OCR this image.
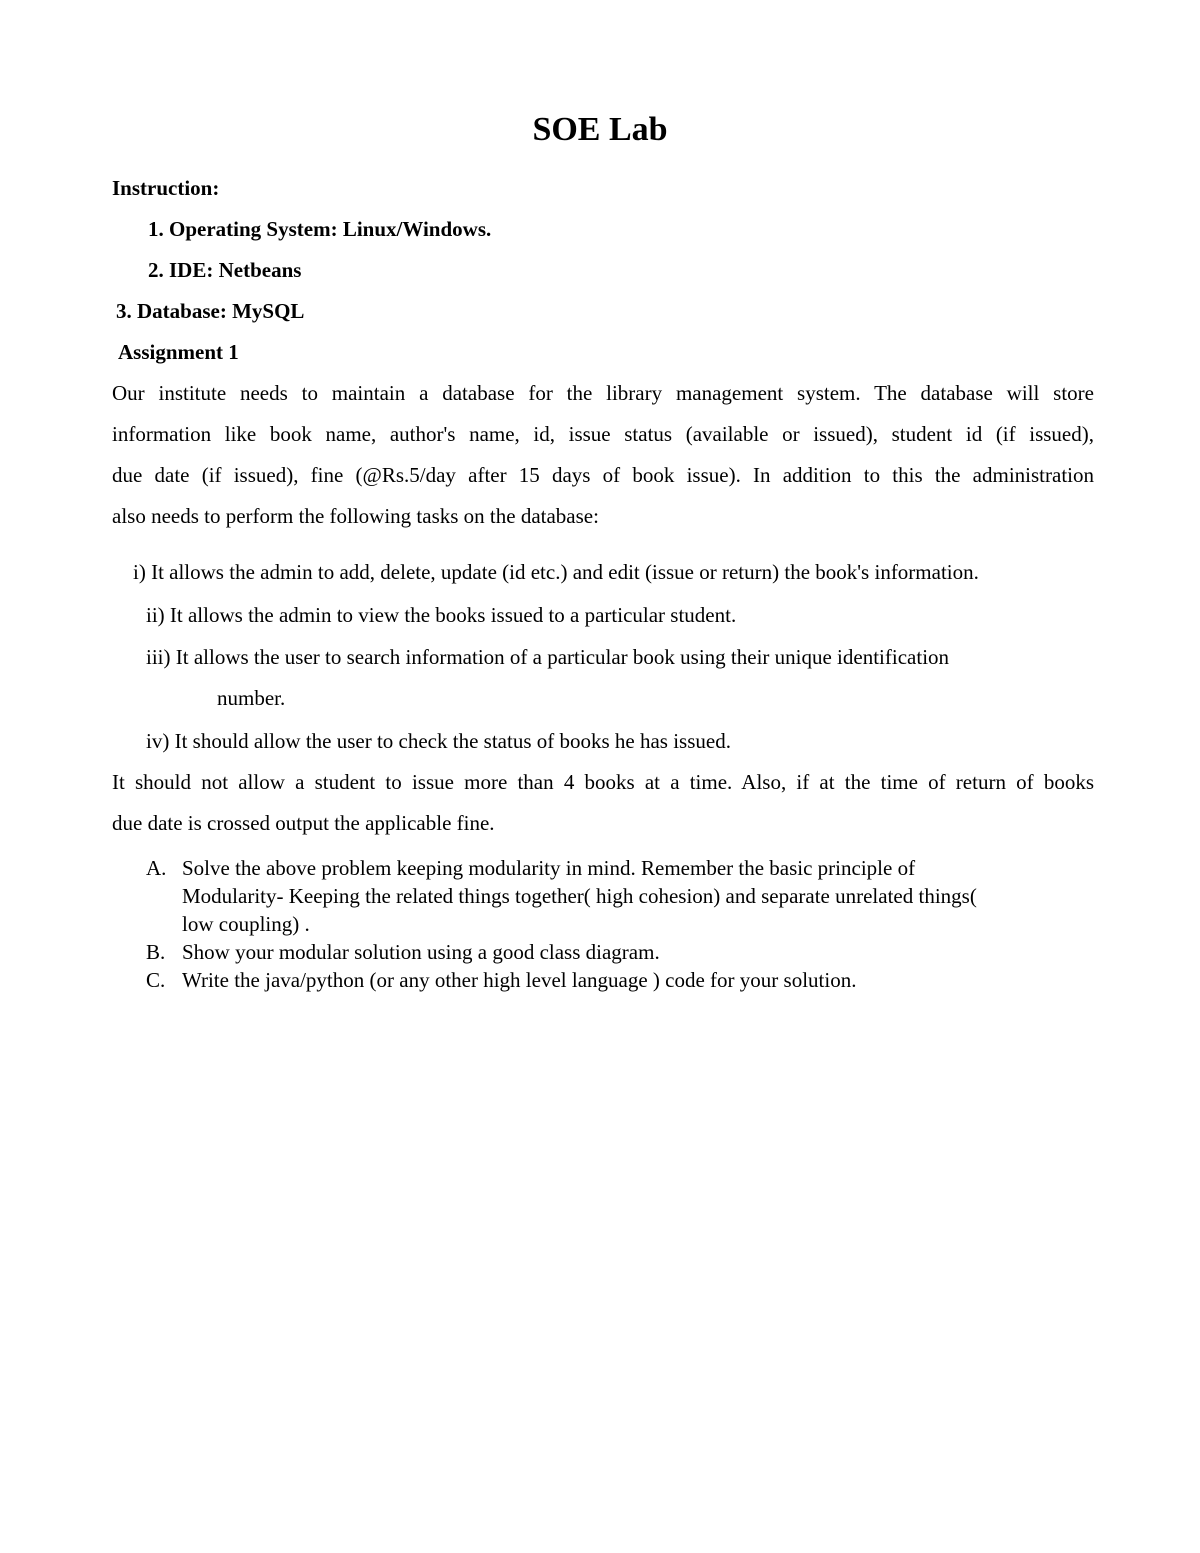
SOE Lab
Instruction:
1. Operating System: Linux/Windows.
2. IDE: Netbeans
3. Database: MySQL
Assignment 1
Our institute needs to maintain a database for the library management system. The database will store
information like book name, author's name, id, issue status (available or issued), student id (if issued),
due date (if issued), fine (@Rs.5/day after 15 days of book issue). In addition to this the administration
also needs to perform the following tasks on the database:
i) It allows the admin to add, delete, update (id etc.) and edit (issue or return) the book's information.
ii) It allows the admin to view the books issued to a particular student.
iii) It allows the user to search information of a particular book using their unique identification
number.
iv) It should allow the user to check the status of books he has issued.
It should not allow a student to issue more than 4 books at a time. Also, if at the time of return of books
due date is crossed output the applicable fine.
A. Solve the above problem keeping modularity in mind. Remember the basic principle of
Modularity- Keeping the related things together( high cohesion) and separate unrelated things(
low coupling) .
B. Show your modular solution using a good class diagram.
C. Write the java/python (or any other high level language ) code for your solution.
